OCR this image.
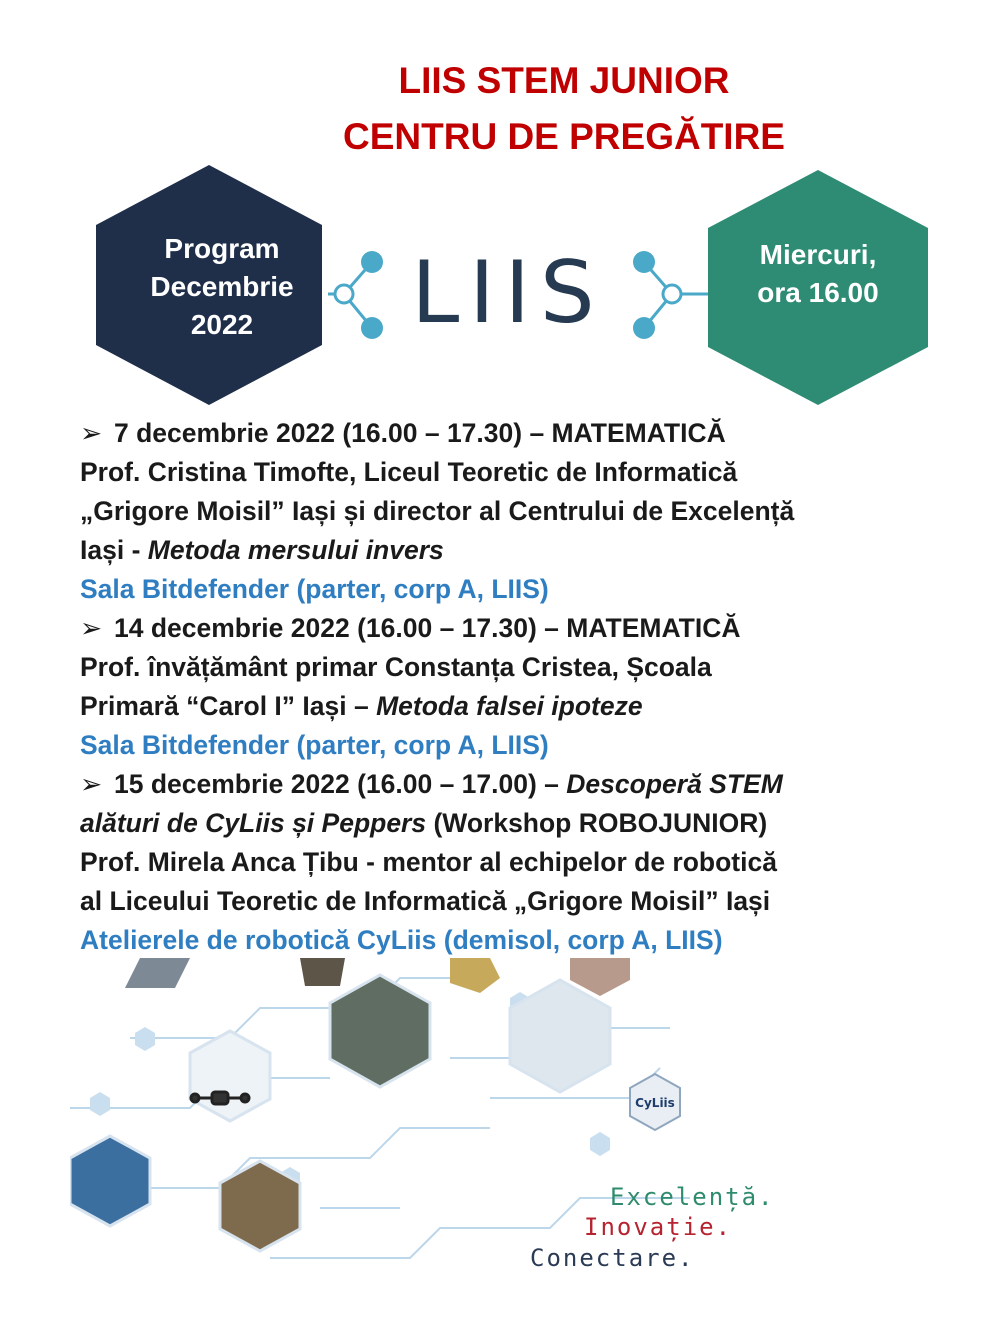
LIIS STEM JUNIOR
CENTRU DE PREGĂTIRE
Program
Decembrie
2022
Miercuri,
ora 16.00
LIIS

➢ 7 decembrie 2022 (16.00 – 17.30) – MATEMATICĂ

Prof. Cristina Timofte, Liceul Teoretic de Informatică

„Grigore Moisil” Iași și director al Centrului de Excelență

Iași - Metoda mersului invers

Sala Bitdefender (parter, corp A, LIIS)

➢ 14 decembrie 2022 (16.00 – 17.30) – MATEMATICĂ

Prof. învățământ primar Constanța Cristea, Școala

Primară “Carol I” Iași – Metoda falsei ipoteze

Sala Bitdefender (parter, corp A, LIIS)

➢ 15 decembrie 2022 (16.00 – 17.00) – Descoperă STEM

alături de CyLiis și Peppers (Workshop ROBOJUNIOR)

Prof. Mirela Anca Țibu - mentor al echipelor de robotică

al Liceului Teoretic de Informatică „Grigore Moisil” Iași

Atelierele de robotică CyLiis (demisol, corp A, LIIS)

CyLiis
Excelență.
Inovație.
Conectare.
